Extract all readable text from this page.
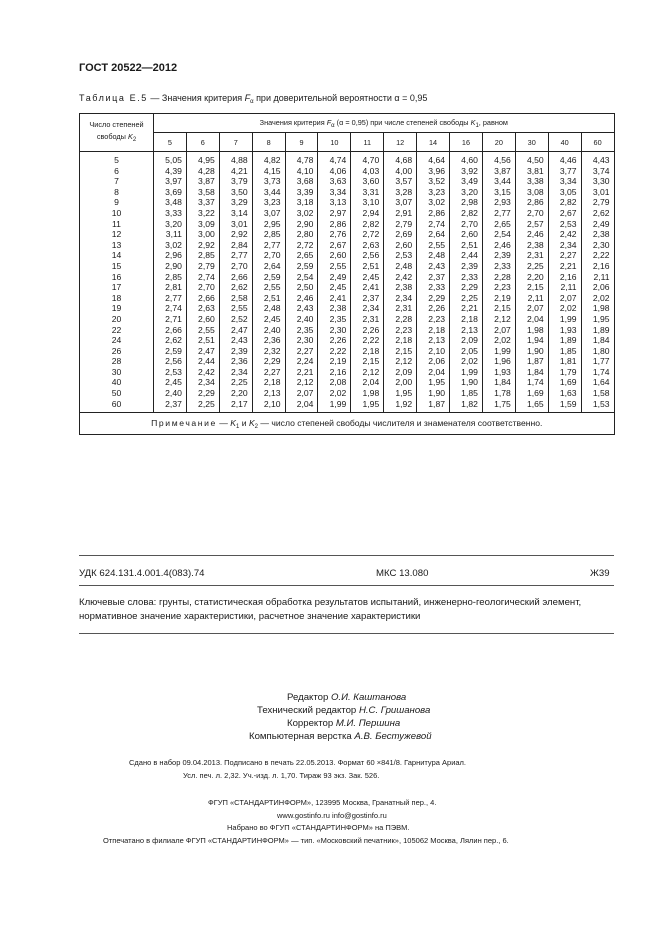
ГОСТ 20522—2012
Таблица Е.5 — Значения критерия $F_\alpha$ при доверительной вероятности α = 0,95
Число степеней
свободы $K_2$	Значения критерия $F_\alpha$ (α = 0,95) при числе степеней свободы $K_1$, равном													
	5	6	7	8	9	10	11	12	14	16	20	30	40	60
5	5,05	4,95	4,88	4,82	4,78	4,74	4,70	4,68	4,64	4,60	4,56	4,50	4,46	4,43
6	4,39	4,28	4,21	4,15	4,10	4,06	4,03	4,00	3,96	3,92	3,87	3,81	3,77	3,74
7	3,97	3,87	3,79	3,73	3,68	3,63	3,60	3,57	3,52	3,49	3,44	3,38	3,34	3,30
8	3,69	3,58	3,50	3,44	3,39	3,34	3,31	3,28	3,23	3,20	3,15	3,08	3,05	3,01
9	3,48	3,37	3,29	3,23	3,18	3,13	3,10	3,07	3,02	2,98	2,93	2,86	2,82	2,79
10	3,33	3,22	3,14	3,07	3,02	2,97	2,94	2,91	2,86	2,82	2,77	2,70	2,67	2,62
11	3,20	3,09	3,01	2,95	2,90	2,86	2,82	2,79	2,74	2,70	2,65	2,57	2,53	2,49
12	3,11	3,00	2,92	2,85	2,80	2,76	2,72	2,69	2,64	2,60	2,54	2,46	2,42	2,38
13	3,02	2,92	2,84	2,77	2,72	2,67	2,63	2,60	2,55	2,51	2,46	2,38	2,34	2,30
14	2,96	2,85	2,77	2,70	2,65	2,60	2,56	2,53	2,48	2,44	2,39	2,31	2,27	2,22
15	2,90	2,79	2,70	2,64	2,59	2,55	2,51	2,48	2,43	2,39	2,33	2,25	2,21	2,16
16	2,85	2,74	2,66	2,59	2,54	2,49	2,45	2,42	2,37	2,33	2,28	2,20	2,16	2,11
17	2,81	2,70	2,62	2,55	2,50	2,45	2,41	2,38	2,33	2,29	2,23	2,15	2,11	2,06
18	2,77	2,66	2,58	2,51	2,46	2,41	2,37	2,34	2,29	2,25	2,19	2,11	2,07	2,02
19	2,74	2,63	2,55	2,48	2,43	2,38	2,34	2,31	2,26	2,21	2,15	2,07	2,02	1,98
20	2,71	2,60	2,52	2,45	2,40	2,35	2,31	2,28	2,23	2,18	2,12	2,04	1,99	1,95
22	2,66	2,55	2,47	2,40	2,35	2,30	2,26	2,23	2,18	2,13	2,07	1,98	1,93	1,89
24	2,62	2,51	2,43	2,36	2,30	2,26	2,22	2,18	2,13	2,09	2,02	1,94	1,89	1,84
26	2,59	2,47	2,39	2,32	2,27	2,22	2,18	2,15	2,10	2,05	1,99	1,90	1,85	1,80
28	2,56	2,44	2,36	2,29	2,24	2,19	2,15	2,12	2,06	2,02	1,96	1,87	1,81	1,77
30	2,53	2,42	2,34	2,27	2,21	2,16	2,12	2,09	2,04	1,99	1,93	1,84	1,79	1,74
40	2,45	2,34	2,25	2,18	2,12	2,08	2,04	2,00	1,95	1,90	1,84	1,74	1,69	1,64
50	2,40	2,29	2,20	2,13	2,07	2,02	1,98	1,95	1,90	1,85	1,78	1,69	1,63	1,58
60	2,37	2,25	2,17	2,10	2,04	1,99	1,95	1,92	1,87	1,82	1,75	1,65	1,59	1,53
Примечание — $K_1$ и $K_2$ — число степеней свободы числителя и знаменателя соответственно.														
УДК 624.131.4.001.4(083).74	МКС 13.080	Ж39
Ключевые слова: грунты, статистическая обработка результатов испытаний, инженерно-геологический элемент, нормативное значение характеристики, расчетное значение характеристики
Редактор О.И. Каштанова
Технический редактор Н.С. Гришанова
Корректор М.И. Першина
Компьютерная верстка А.В. Бестужевой
Сдано в набор 09.04.2013. Подписано в печать 22.05.2013. Формат 60 ×841/8. Гарнитура Ариал.
Усл. печ. л. 2,32. Уч.-изд. л. 1,70. Тираж 93 экз. Зак. 526.
ФГУП «СТАНДАРТИНФОРМ», 123995 Москва, Гранатный пер., 4.
www.gostinfo.ru info@gostinfo.ru
Набрано во ФГУП «СТАНДАРТИНФОРМ» на ПЭВМ.
Отпечатано в филиале ФГУП «СТАНДАРТИНФОРМ» — тип. «Московский печатник», 105062 Москва, Лялин пер., 6.
